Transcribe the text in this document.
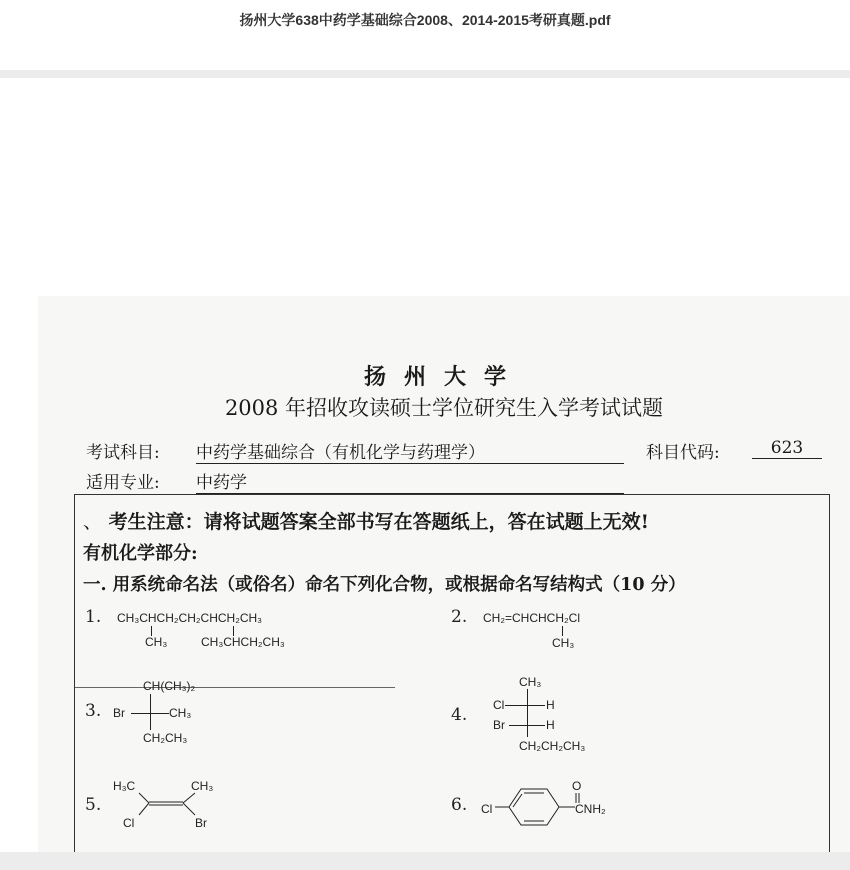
扬州大学638中药学基础综合2008、2014-2015考研真题.pdf
扬州大学
2008 年招收攻读硕士学位研究生入学考试试题
考试科目: 中药学基础综合（有机化学与药理学）	科目代码:	623
适用专业: 中药学
、 考生注意：请将试题答案全部书写在答题纸上，答在试题上无效!
有机化学部分:
一. 用系统命名法（或俗名）命名下列化合物，或根据命名写结构式（10 分）
1. CH₃CHCH₂CH₂CHCH₂CH₃
CH₃	CH₃CHCH₂CH₃
2. CH₂=CHCHCH₂Cl
CH₃
3.
CH(CH₃)₂
Br	CH₃
CH₂CH₃
4.
CH₃
Cl	H
Br	H
CH₂CH₂CH₃
5.
H₃C	CH₃
Cl	Br
6. Cl
O
CNH₂
